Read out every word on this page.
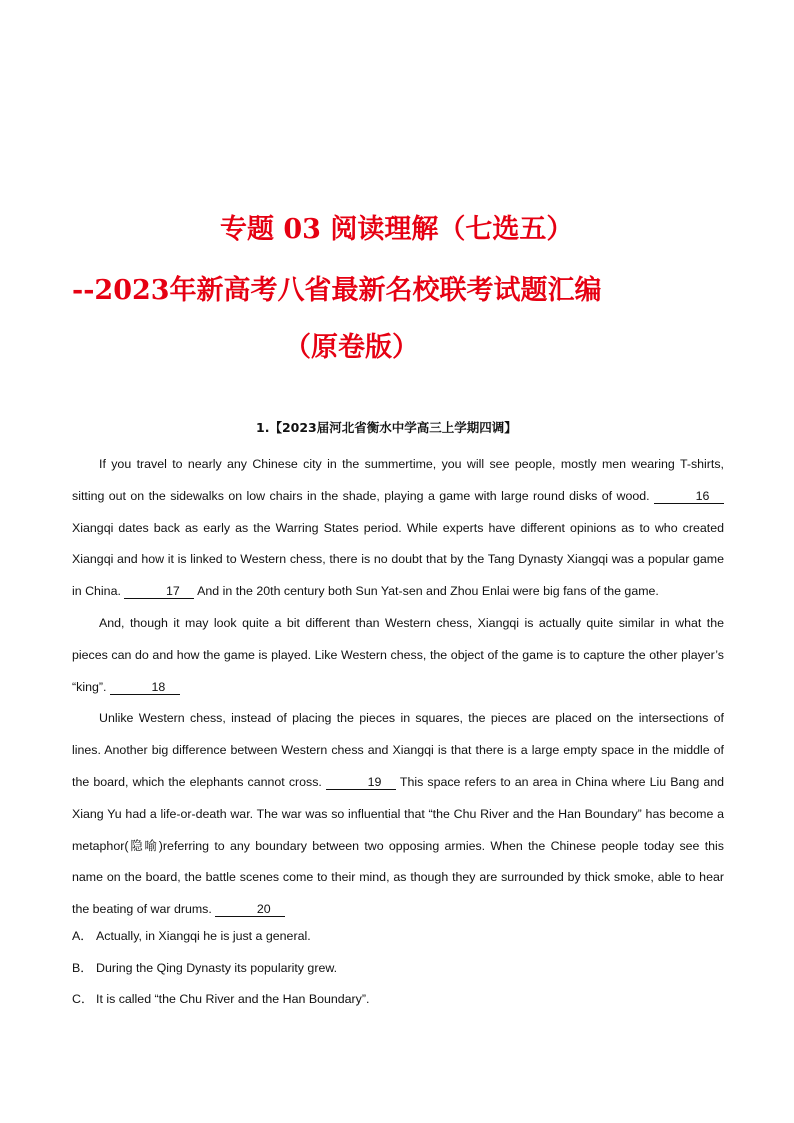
专题 03 阅读理解（七选五）
--2023年新高考八省最新名校联考试题汇编
（原卷版）
1.【2023届河北省衡水中学高三上学期四调】

If you travel to nearly any Chinese city in the summertime, you will see people, mostly men wearing T-shirts, sitting out on the sidewalks on low chairs in the shade, playing a game with large round disks of wood.	16 Xiangqi dates back as early as the Warring States period. While experts have different opinions as to who created Xiangqi and how it is linked to Western chess, there is no doubt that by the Tang Dynasty Xiangqi was a popular game in China.	17 And in the 20th century both Sun Yat-sen and Zhou Enlai were big fans of the game.

And, though it may look quite a bit different than Western chess, Xiangqi is actually quite similar in what the pieces can do and how the game is played. Like Western chess, the object of the game is to capture the other player’s “king”.	18

Unlike Western chess, instead of placing the pieces in squares, the pieces are placed on the intersections of lines. Another big difference between Western chess and Xiangqi is that there is a large empty space in the middle of the board, which the elephants cannot cross.	19 This space refers to an area in China where Liu Bang and Xiang Yu had a life-or-death war. The war was so influential that “the Chu River and the Han Boundary” has become a metaphor(隐喻)referring to any boundary between two opposing armies. When the Chinese people today see this name on the board, the battle scenes come to their mind, as though they are surrounded by thick smoke, able to hear the beating of war drums.	20

A． Actually, in Xiangqi he is just a general.
B． During the Qing Dynasty its popularity grew.
C． It is called “the Chu River and the Han Boundary”.
